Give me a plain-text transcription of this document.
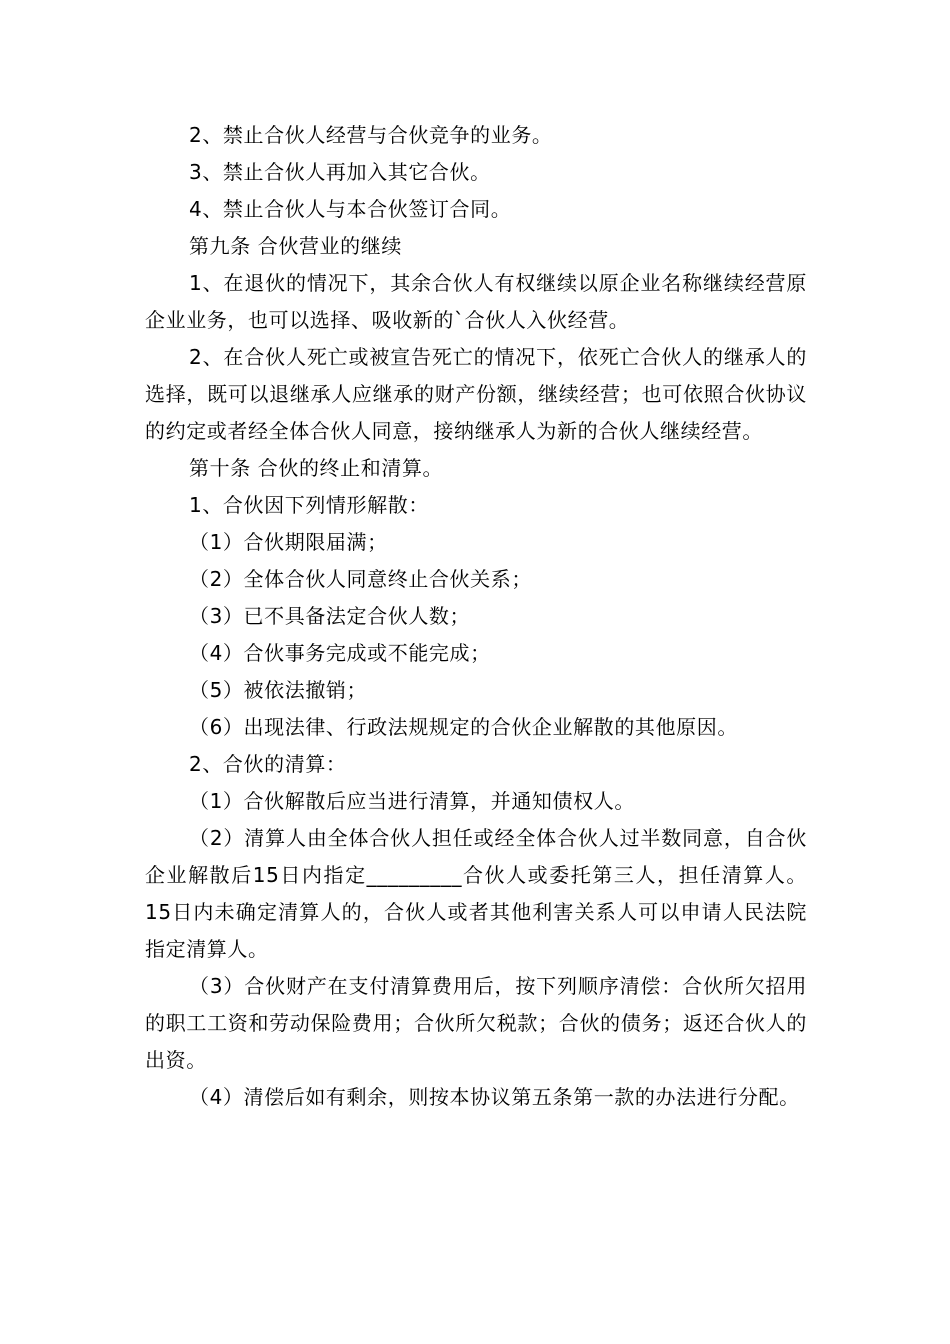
2、禁止合伙人经营与合伙竞争的业务。

3、禁止合伙人再加入其它合伙。

4、禁止合伙人与本合伙签订合同。

第九条 合伙营业的继续

1、在退伙的情况下，其余合伙人有权继续以原企业名称继续经营原企业业务，也可以选择、吸收新的`合伙人入伙经营。

2、在合伙人死亡或被宣告死亡的情况下，依死亡合伙人的继承人的选择，既可以退继承人应继承的财产份额，继续经营；也可依照合伙协议的约定或者经全体合伙人同意，接纳继承人为新的合伙人继续经营。

第十条 合伙的终止和清算。

1、合伙因下列情形解散：

（1）合伙期限届满；

（2）全体合伙人同意终止合伙关系；

（3）已不具备法定合伙人数；

（4）合伙事务完成或不能完成；

（5）被依法撤销；

（6）出现法律、行政法规规定的合伙企业解散的其他原因。

2、合伙的清算：

（1）合伙解散后应当进行清算，并通知债权人。

（2）清算人由全体合伙人担任或经全体合伙人过半数同意，自合伙企业解散后15日内指定_________合伙人或委托第三人，担任清算人。15日内未确定清算人的，合伙人或者其他利害关系人可以申请人民法院指定清算人。

（3）合伙财产在支付清算费用后，按下列顺序清偿：合伙所欠招用的职工工资和劳动保险费用；合伙所欠税款；合伙的债务；返还合伙人的出资。

（4）清偿后如有剩余，则按本协议第五条第一款的办法进行分配。
